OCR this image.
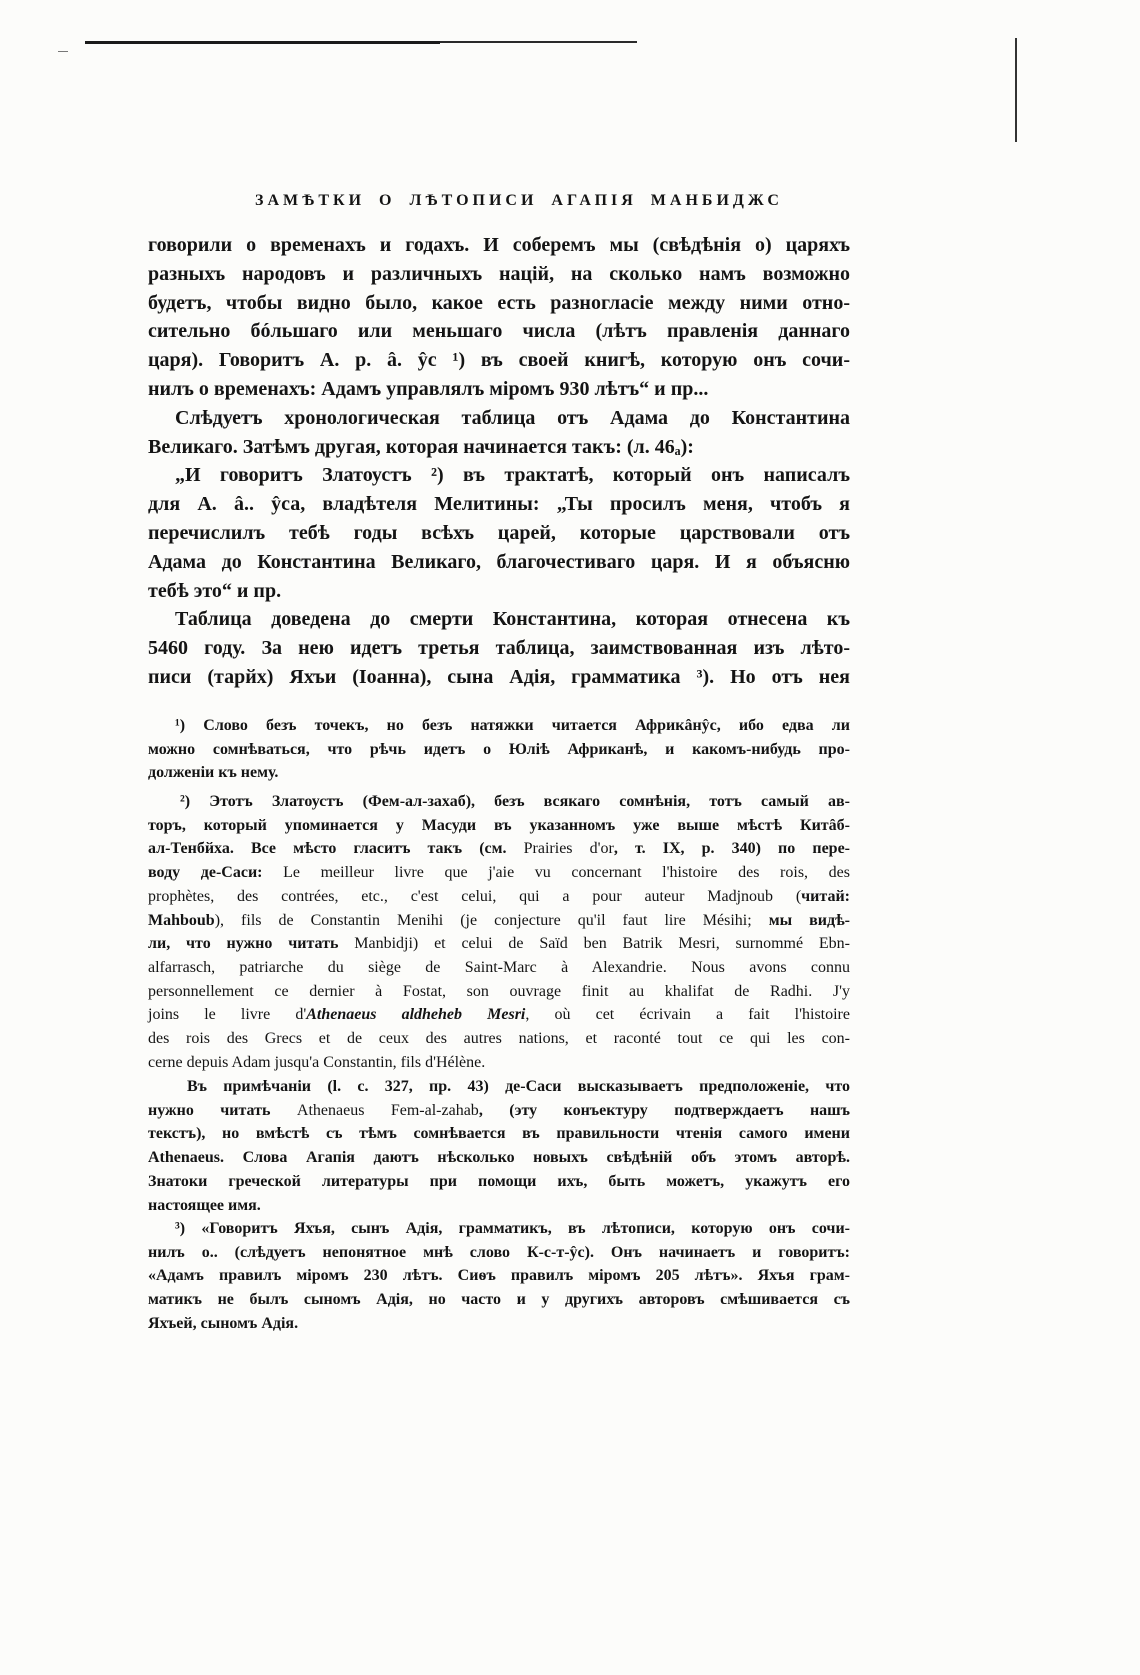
ЗАМѢТКИ О ЛѢТОПИСИ АГАПІЯ МАНБИДЖС
говорили о временахъ и годахъ. И соберемъ мы (свѣдѣнія о) царяхъ
разныхъ народовъ и различныхъ націй, на сколько намъ возможно
будетъ, чтобы видно было, какое есть разногласіе между ними отно-
сительно бóльшаго или меньшаго числа (лѣтъ правленія даннаго
царя). Говоритъ А. р. â. ŷс ¹) въ своей книгѣ, которую онъ сочи-
нилъ о временахъ: Адамъ управлялъ міромъ 930 лѣтъ“ и пр...
Слѣдуетъ хронологическая таблица отъ Адама до Константина
Великаго. Затѣмъ другая, которая начинается такъ: (л. 46ₐ):
„И говоритъ Златоустъ ²) въ трактатѣ, который онъ написалъ
для А. â.. ŷса, владѣтеля Мелитины: „Ты просилъ меня, чтобъ я
перечислилъ тебѣ годы всѣхъ царей, которые царствовали отъ
Адама до Константина Великаго, благочестиваго царя. И я объясню
тебѣ это“ и пр.
Таблица доведена до смерти Константина, которая отнесена къ
5460 году. За нею идетъ третья таблица, заимствованная изъ лѣто-
писи (тарйх) Яхъи (Іоанна), сына Адія, грамматика ³). Но отъ нея
¹) Слово безъ точекъ, но безъ натяжки читается Африкâнŷс, ибо едва ли
можно сомнѣваться, что рѣчь идетъ о Юліѣ Африканѣ, и какомъ-нибудь про-
долженіи къ нему.
²) Этотъ Златоустъ (Фем-ал-захаб), безъ всякаго сомнѣнія, тотъ самый ав-
торъ, который упоминается у Масуди въ указанномъ уже выше мѣстѣ Китâб-
ал-Тенбйха. Все мѣсто гласитъ такъ (см. Prairies d'or, т. IX, p. 340) по пере-
воду де-Саси: Le meilleur livre que j'aie vu concernant l'histoire des rois, des
prophètes, des contrées, etc., c'est celui, qui a pour auteur Madjnoub (читай:
Mahboub), fils de Constantin Menihi (je conjecture qu'il faut lire Mésihi; мы видѣ-
ли, что нужно читать Manbidji) et celui de Saïd ben Batrik Mesri, surnommé Ebn-
alfarrasch, patriarche du siège de Saint-Marc à Alexandrie. Nous avons connu
personnellement ce dernier à Fostat, son ouvrage finit au khalifat de Radhi. J'y
joins le livre d'Athenaeus aldheheb Mesri, où cet écrivain a fait l'histoire
des rois des Grecs et de ceux des autres nations, et raconté tout ce qui les con-
cerne depuis Adam jusqu'a Constantin, fils d'Hélène.
Въ примѣчаніи (l. c. 327, пр. 43) де-Саси высказываетъ предположеніе, что
нужно читать Athenaeus Fem-al-zahab, (эту конъектуру подтверждаетъ нашъ
текстъ), но вмѣстѣ съ тѣмъ сомнѣвается въ правильности чтенія самого имени
Athenaeus. Слова Агапія даютъ нѣсколько новыхъ свѣдѣній объ этомъ авторѣ.
Знатоки греческой литературы при помощи ихъ, быть можетъ, укажутъ его
настоящее имя.
³) «Говоритъ Яхъя, сынъ Адія, грамматикъ, въ лѣтописи, которую онъ сочи-
нилъ о.. (слѣдуетъ непонятное мнѣ слово К-с-т-ŷс). Онъ начинаетъ и говоритъ:
«Адамъ правилъ міромъ 230 лѣтъ. Сиѳъ правилъ міромъ 205 лѣтъ». Яхъя грам-
матикъ не былъ сыномъ Адія, но часто и у другихъ авторовъ смѣшивается съ
Яхъей, сыномъ Адія.
